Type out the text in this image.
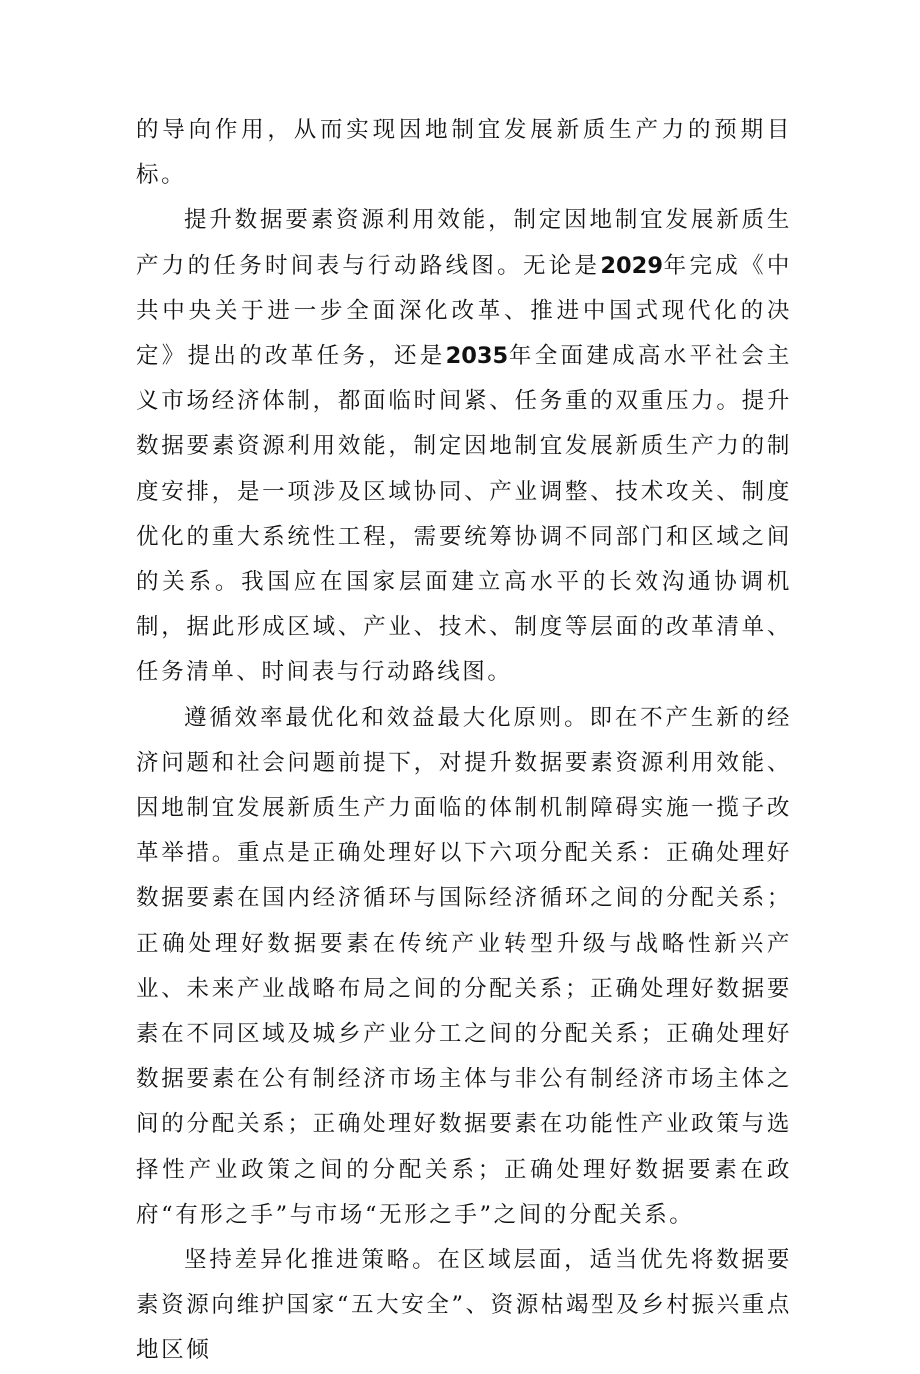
的导向作用，从而实现因地制宜发展新质生产力的预期目标。

提升数据要素资源利用效能，制定因地制宜发展新质生产力的任务时间表与行动路线图。无论是2029年完成《中共中央关于进一步全面深化改革、推进中国式现代化的决定》提出的改革任务，还是2035年全面建成高水平社会主义市场经济体制，都面临时间紧、任务重的双重压力。提升数据要素资源利用效能，制定因地制宜发展新质生产力的制度安排，是一项涉及区域协同、产业调整、技术攻关、制度优化的重大系统性工程，需要统筹协调不同部门和区域之间的关系。我国应在国家层面建立高水平的长效沟通协调机制，据此形成区域、产业、技术、制度等层面的改革清单、任务清单、时间表与行动路线图。

遵循效率最优化和效益最大化原则。即在不产生新的经济问题和社会问题前提下，对提升数据要素资源利用效能、因地制宜发展新质生产力面临的体制机制障碍实施一揽子改革举措。重点是正确处理好以下六项分配关系：正确处理好数据要素在国内经济循环与国际经济循环之间的分配关系；正确处理好数据要素在传统产业转型升级与战略性新兴产业、未来产业战略布局之间的分配关系；正确处理好数据要素在不同区域及城乡产业分工之间的分配关系；正确处理好数据要素在公有制经济市场主体与非公有制经济市场主体之间的分配关系；正确处理好数据要素在功能性产业政策与选择性产业政策之间的分配关系；正确处理好数据要素在政府“有形之手”与市场“无形之手”之间的分配关系。

坚持差异化推进策略。在区域层面，适当优先将数据要素资源向维护国家“五大安全”、资源枯竭型及乡村振兴重点地区倾
